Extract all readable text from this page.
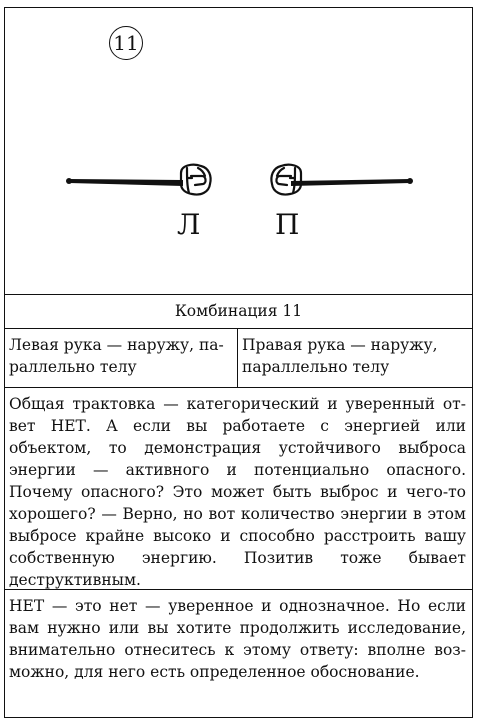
11
Л	П
Комбинация 11
Левая рука — наружу, параллельно телу
Правая рука — наружу, параллельно телу
Общая трактовка — категорический и уверенный ответ НЕТ. А если вы работаете с энергией или объектом, то демонстрация устойчивого выброса энергии — активного и потенциально опасного. Почему опасного? Это может быть выброс и чего-то хорошего? — Верно, но вот количество энергии в этом выбросе крайне высоко и способно расстроить вашу собственную энергию. Позитив тоже бывает деструктивным.
НЕТ — это нет — уверенное и однозначное. Но если вам нужно или вы хотите продолжить исследование, внимательно отнеситесь к этому ответу: вполне возможно, для него есть определенное обоснование.
